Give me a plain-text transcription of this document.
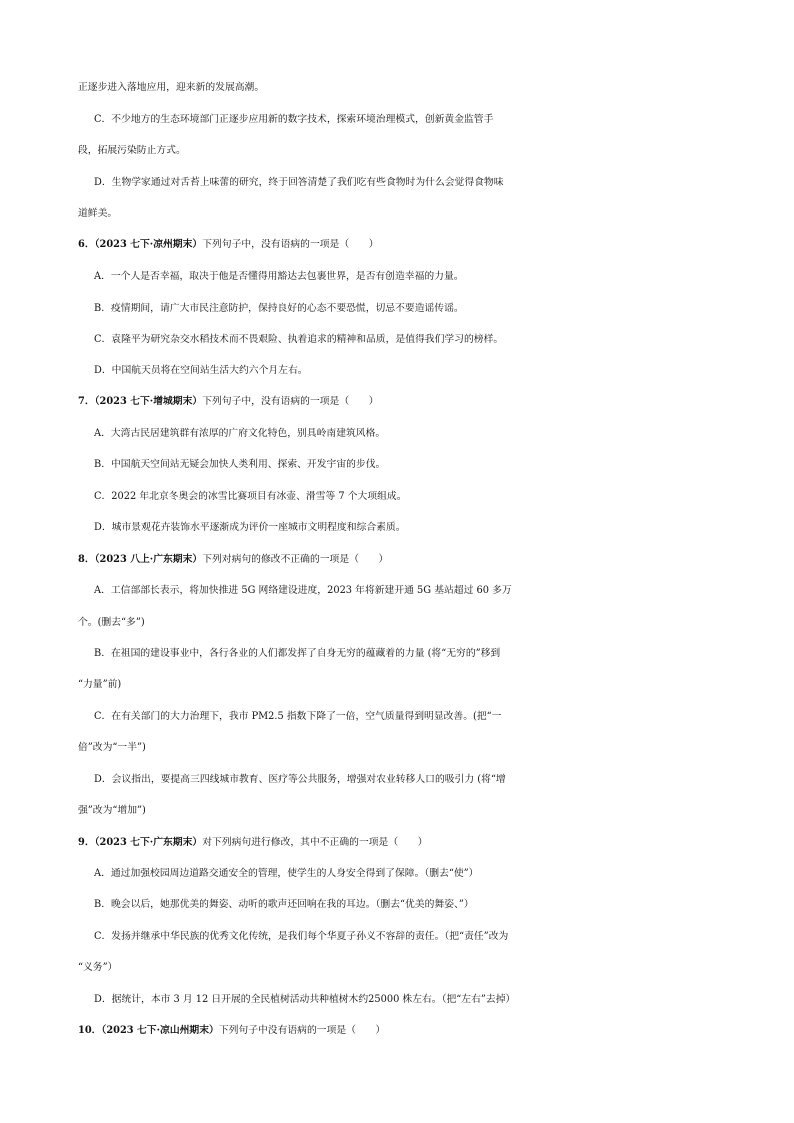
正逐步进入落地应用，迎来新的发展高潮。
C．不少地方的生态环境部门正逐步应用新的数字技术，探索环境治理模式，创新黄金监管手
段，拓展污染防止方式。
D．生物学家通过对舌苔上味蕾的研究，终于回答清楚了我们吃有些食物时为什么会觉得食物味
道鲜美。
6．（2023 七下·凉州期末）下列句子中，没有语病的一项是（　　）
A．一个人是否幸福，取决于他是否懂得用豁达去包裹世界，是否有创造幸福的力量。
B．疫情期间，请广大市民注意防护，保持良好的心态不要恐慌，切忌不要造谣传谣。
C．袁隆平为研究杂交水稻技术而不畏艰险、执着追求的精神和品质，是值得我们学习的榜样。
D．中国航天员将在空间站生活大约六个月左右。
7．（2023 七下·增城期末）下列句子中，没有语病的一项是（　　）
A．大湾古民居建筑群有浓厚的广府文化特色，别具岭南建筑风格。
B．中国航天空间站无疑会加快人类利用、探索、开发宇宙的步伐。
C．2022 年北京冬奥会的冰雪比赛项目有冰壶、滑雪等 7 个大项组成。
D．城市景观花卉装饰水平逐渐成为评价一座城市文明程度和综合素质。
8．（2023 八上·广东期末）下列对病句的修改不正确的一项是（　　）
A．工信部部长表示，将加快推进 5G 网络建设进度，2023 年将新建开通 5G 基站超过 60 多万
个。(删去“多”)
B．在祖国的建设事业中，各行各业的人们都发挥了自身无穷的蕴藏着的力量 (将“无穷的”移到
“力量”前)
C．在有关部门的大力治理下，我市 PM2.5 指数下降了一倍，空气质量得到明显改善。(把“一
倍”改为“一半”)
D．会议指出，要提高三四线城市教育、医疗等公共服务，增强对农业转移人口的吸引力 (将“增
强”改为“增加”)
9．（2023 七下·广东期末）对下列病句进行修改，其中不正确的一项是（　　）
A．通过加强校园周边道路交通安全的管理，使学生的人身安全得到了保障。（删去“使”）
B．晚会以后，她那优美的舞姿、动听的歌声还回响在我的耳边。（删去“优美的舞姿、”）
C．发扬并继承中华民族的优秀文化传统，是我们每个华夏子孙义不容辞的责任。（把“责任”改为
“义务”）
D．据统计，本市 3 月 12 日开展的全民植树活动共种植树木约25000 株左右。（把“左右”去掉）
10．（2023 七下·凉山州期末）下列句子中没有语病的一项是（　　）
